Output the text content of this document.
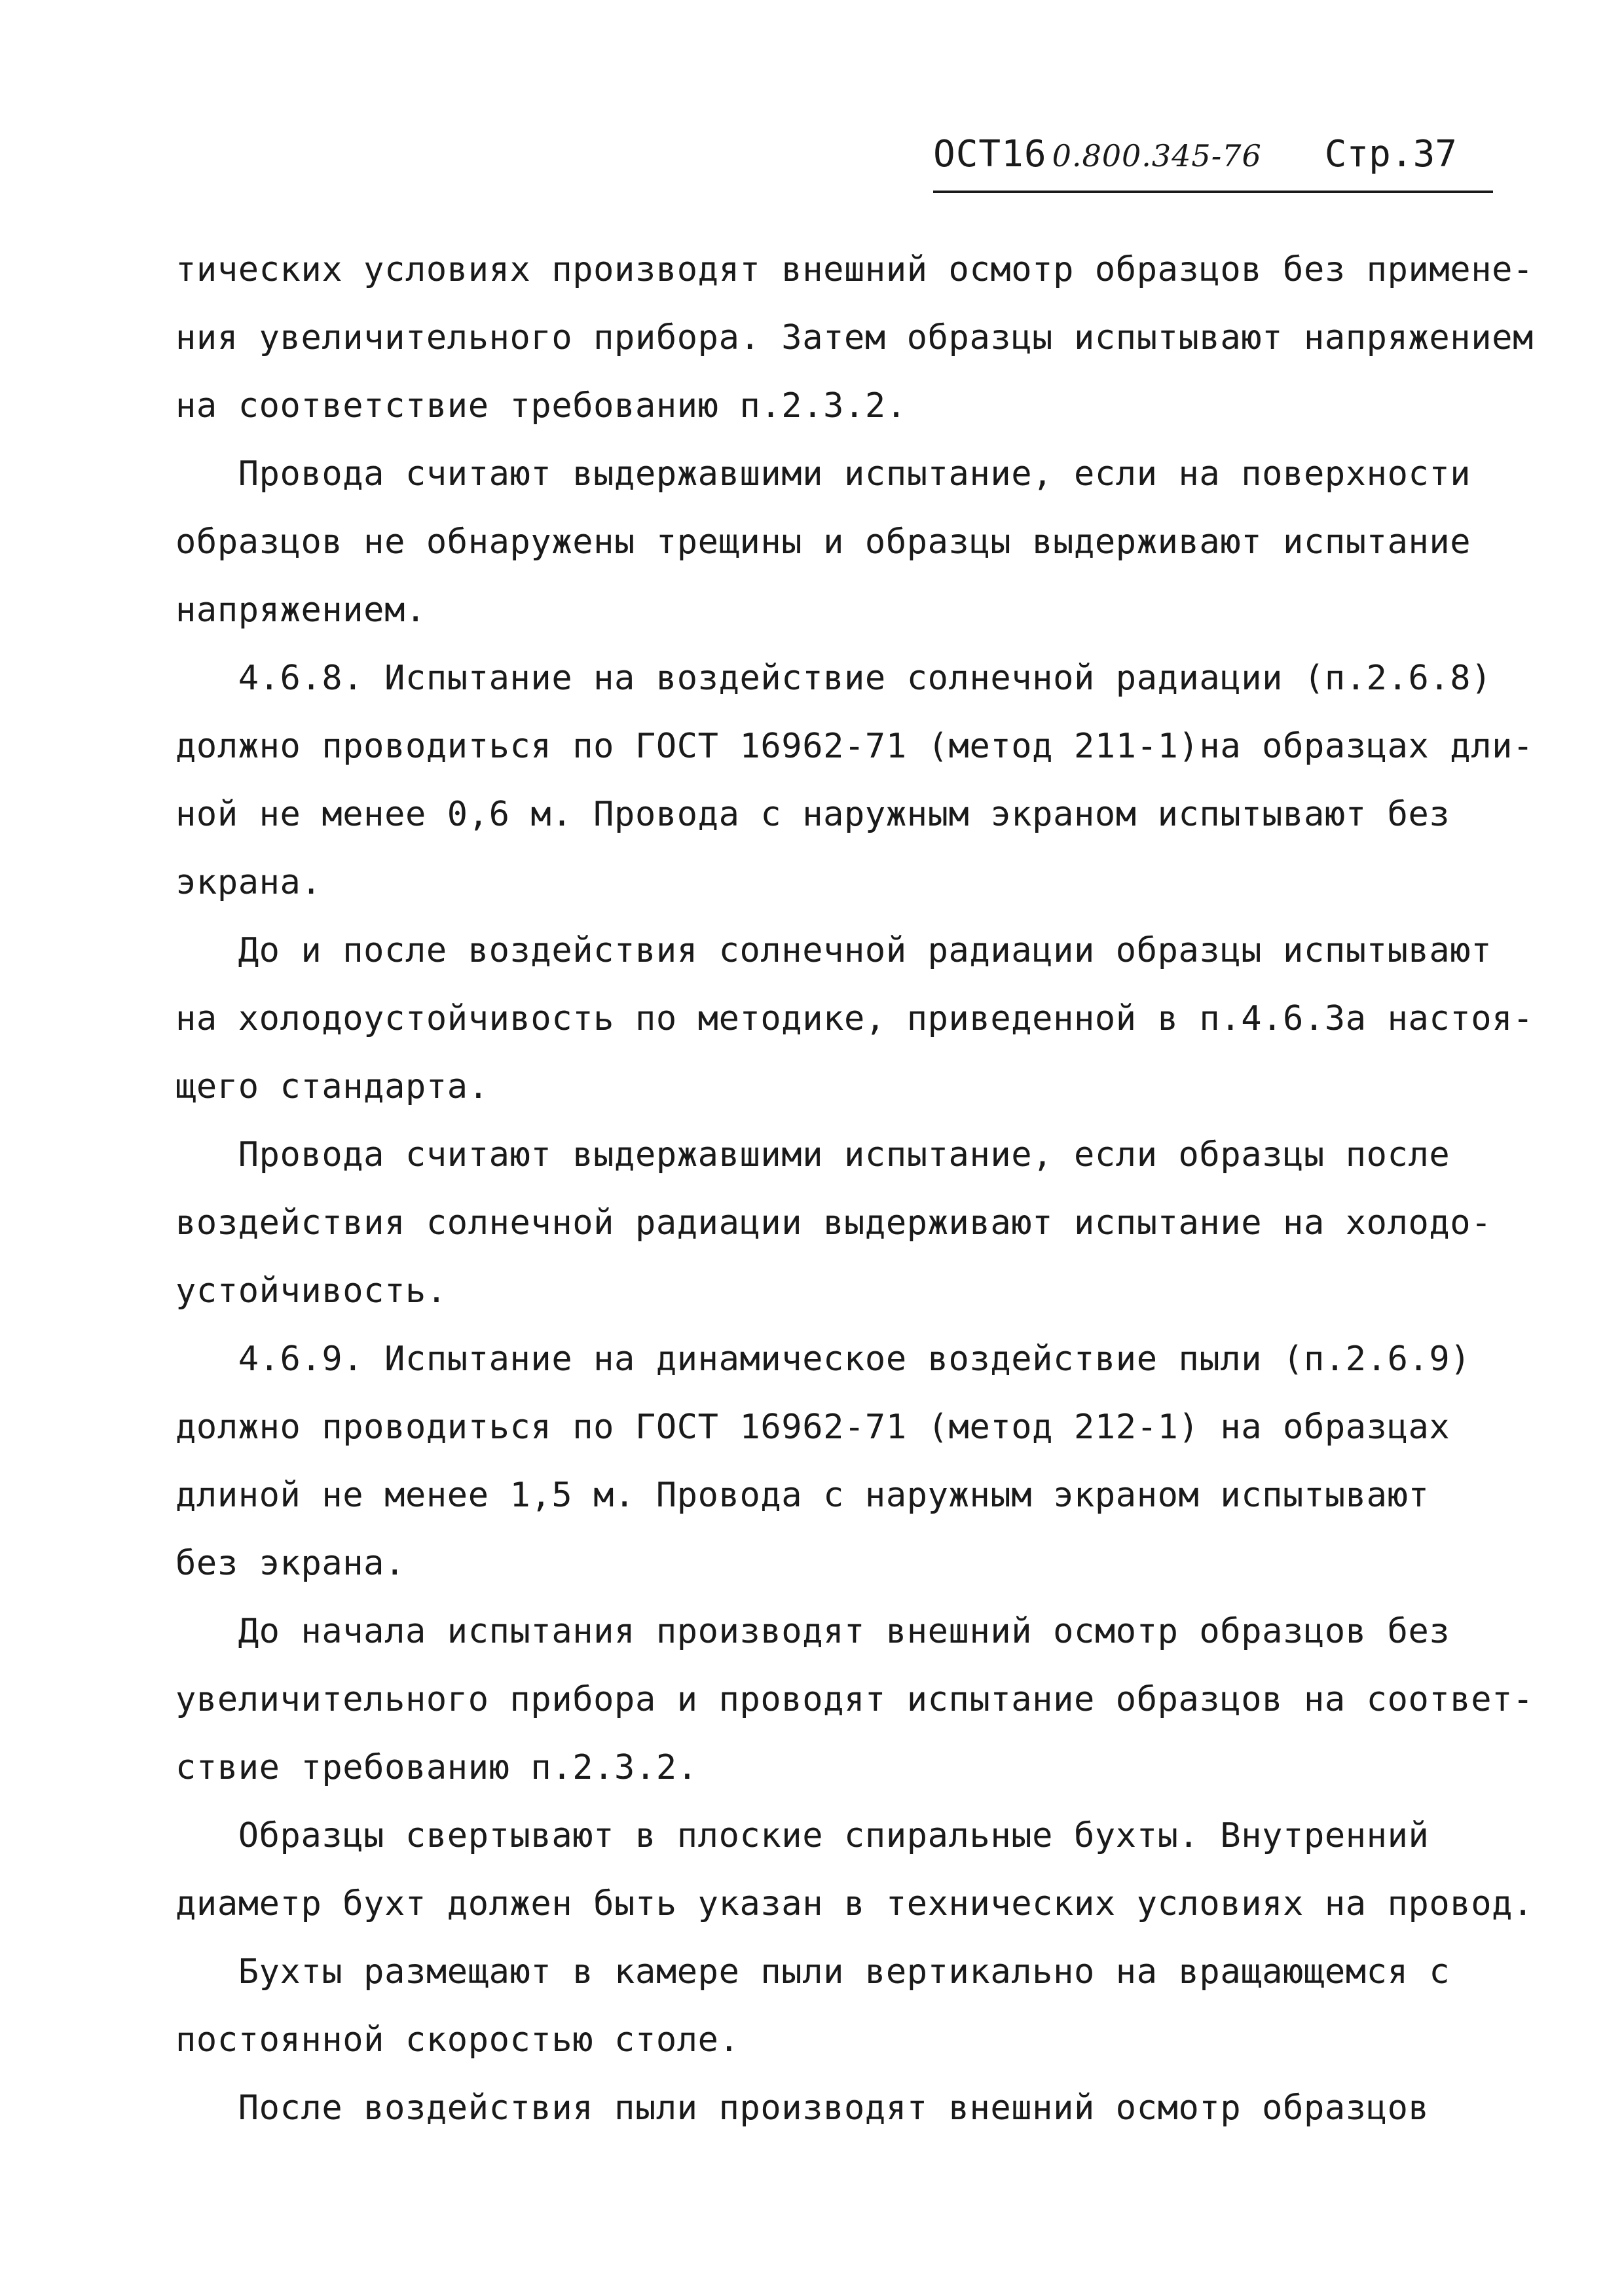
ОСТ16 0.800.345-76 Стр.37
тических условиях производят внешний осмотр образцов без примене-
ния увеличительного прибора. Затем образцы испытывают напряжением
на соответствие требованию п.2.3.2.
Провода считают выдержавшими испытание, если на поверхности
образцов не обнаружены трещины и образцы выдерживают испытание
напряжением.
4.6.8. Испытание на воздействие солнечной радиации (п.2.6.8)
должно проводиться по ГОСТ 16962-71 (метод 211-1)на образцах дли-
ной не менее 0,6 м. Провода с наружным экраном испытывают без
экрана.
До и после воздействия солнечной радиации образцы испытывают
на холодоустойчивость по методике, приведенной в п.4.6.3а настоя-
щего стандарта.
Провода считают выдержавшими испытание, если образцы после
воздействия солнечной радиации выдерживают испытание на холодо-
устойчивость.
4.6.9. Испытание на динамическое воздействие пыли (п.2.6.9)
должно проводиться по ГОСТ 16962-71 (метод 212-1) на образцах
длиной не менее 1,5 м. Провода с наружным экраном испытывают
без экрана.
До начала испытания производят внешний осмотр образцов без
увеличительного прибора и проводят испытание образцов на соответ-
ствие требованию п.2.3.2.
Образцы свертывают в плоские спиральные бухты. Внутренний
диаметр бухт должен быть указан в технических условиях на провод.
Бухты размещают в камере пыли вертикально на вращающемся с
постоянной скоростью столе.
После воздействия пыли производят внешний осмотр образцов
